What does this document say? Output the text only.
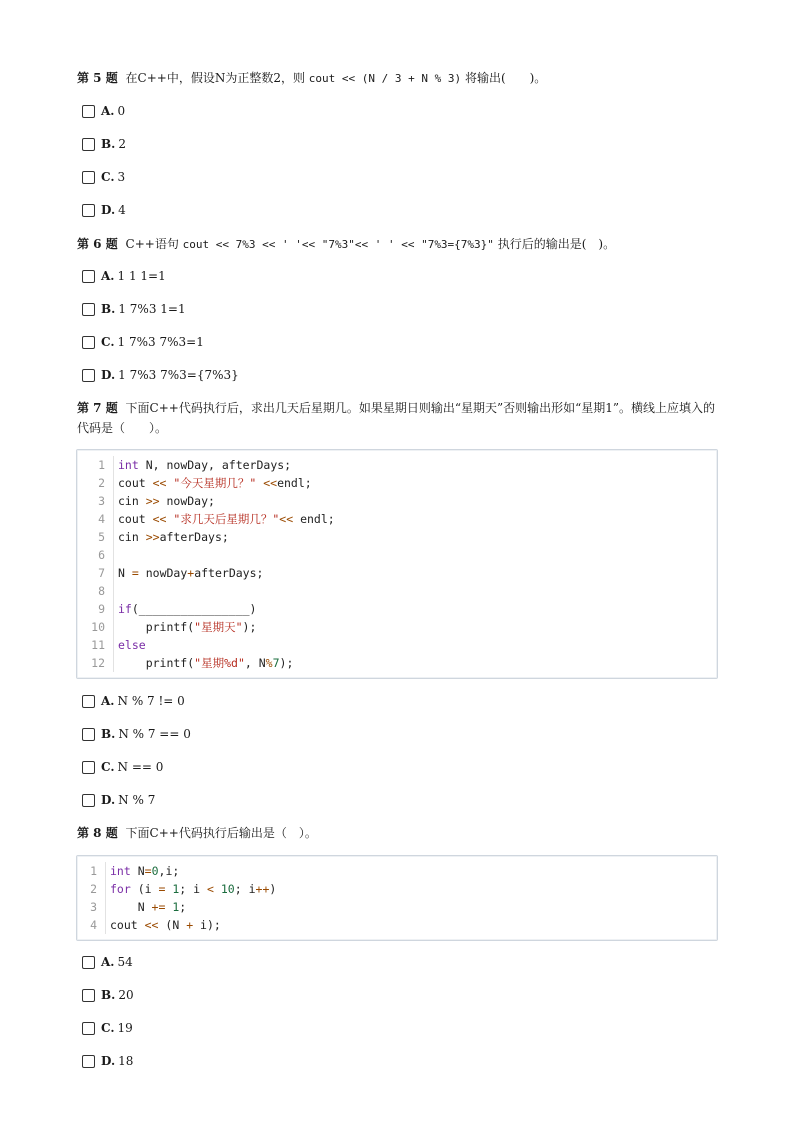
第 5 题 在C++中，假设N为正整数2，则 cout << (N / 3 + N % 3) 将输出(　　)。
A. 0
B. 2
C. 3
D. 4
第 6 题 C++语句 cout << 7%3 << ' '<< "7%3"<< ' ' << "7%3={7%3}" 执行后的输出是(　)。
A. 1 1 1=1
B. 1 7%3 1=1
C. 1 7%3 7%3=1
D. 1 7%3 7%3={7%3}
第 7 题 下面C++代码执行后，求出几天后星期几。如果星期日则输出“星期天”否则输出形如“星期1”。横线上应填入的代码是（　　）。
1	int N, nowDay, afterDays;
2	cout << "今天星期几？" <<endl;
3	cin >> nowDay;
4	cout << "求几天后星期几？"<< endl;
5	cin >>afterDays;
6
7	N = nowDay+afterDays;
8
9	if(________________)
10	printf("星期天");
11	else
12	printf("星期%d", N%7);
A. N % 7 != 0
B. N % 7 == 0
C. N == 0
D. N % 7
第 8 题 下面C++代码执行后输出是（　）。
1	int N=0,i;
2	for (i = 1; i < 10; i++)
3	N += 1;
4	cout << (N + i);
A. 54
B. 20
C. 19
D. 18
